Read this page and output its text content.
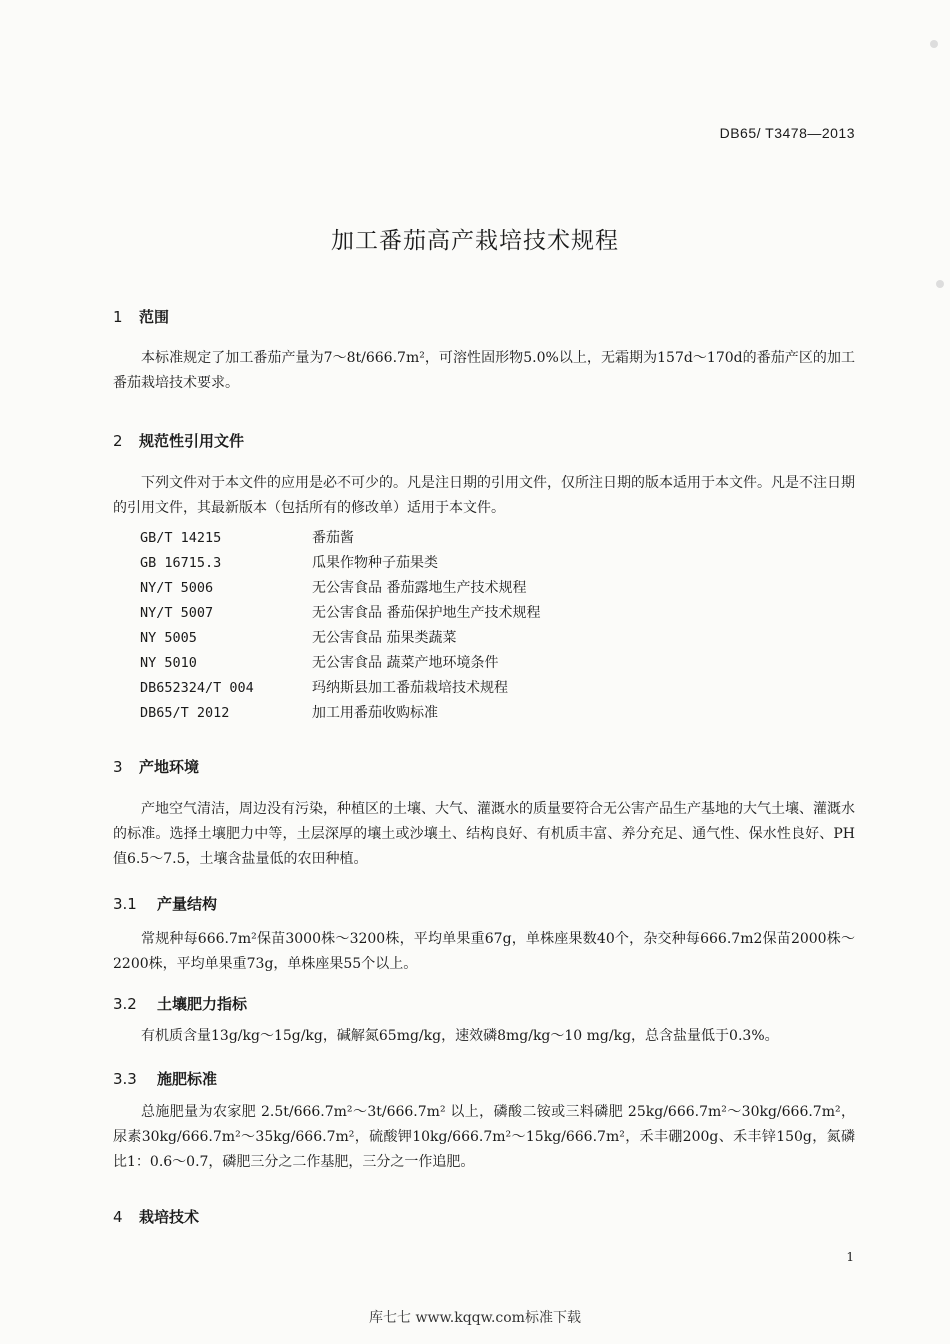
DB65/ T3478—2013
加工番茄高产栽培技术规程
1 范围
本标准规定了加工番茄产量为7～8t/666.7m²，可溶性固形物5.0%以上，无霜期为157d～170d的番茄产区的加工番茄栽培技术要求。
2 规范性引用文件
下列文件对于本文件的应用是必不可少的。凡是注日期的引用文件，仅所注日期的版本适用于本文件。凡是不注日期的引用文件，其最新版本（包括所有的修改单）适用于本文件。
GB/T 14215	番茄酱
GB 16715.3	瓜果作物种子茄果类
NY/T 5006	无公害食品 番茄露地生产技术规程
NY/T 5007	无公害食品 番茄保护地生产技术规程
NY 5005	无公害食品 茄果类蔬菜
NY 5010	无公害食品 蔬菜产地环境条件
DB652324/T 004	玛纳斯县加工番茄栽培技术规程
DB65/T 2012	加工用番茄收购标准
3 产地环境
产地空气清洁，周边没有污染，种植区的土壤、大气、灌溉水的质量要符合无公害产品生产基地的大气土壤、灌溉水的标准。选择土壤肥力中等，土层深厚的壤土或沙壤土、结构良好、有机质丰富、养分充足、通气性、保水性良好、PH值6.5～7.5，土壤含盐量低的农田种植。
3.1 产量结构
常规种每666.7m²保苗3000株～3200株，平均单果重67g，单株座果数40个，杂交种每666.7m2保苗2000株～2200株，平均单果重73g，单株座果55个以上。
3.2 土壤肥力指标
有机质含量13g/kg～15g/kg，碱解氮65mg/kg，速效磷8mg/kg～10 mg/kg，总含盐量低于0.3%。
3.3 施肥标准
总施肥量为农家肥 2.5t/666.7m²～3t/666.7m² 以上，磷酸二铵或三料磷肥 25kg/666.7m²～30kg/666.7m²，尿素30kg/666.7m²～35kg/666.7m²，硫酸钾10kg/666.7m²～15kg/666.7m²，禾丰硼200g、禾丰锌150g，氮磷比1：0.6～0.7，磷肥三分之二作基肥，三分之一作追肥。
4 栽培技术
1
库七七 www.kqqw.com标准下载
